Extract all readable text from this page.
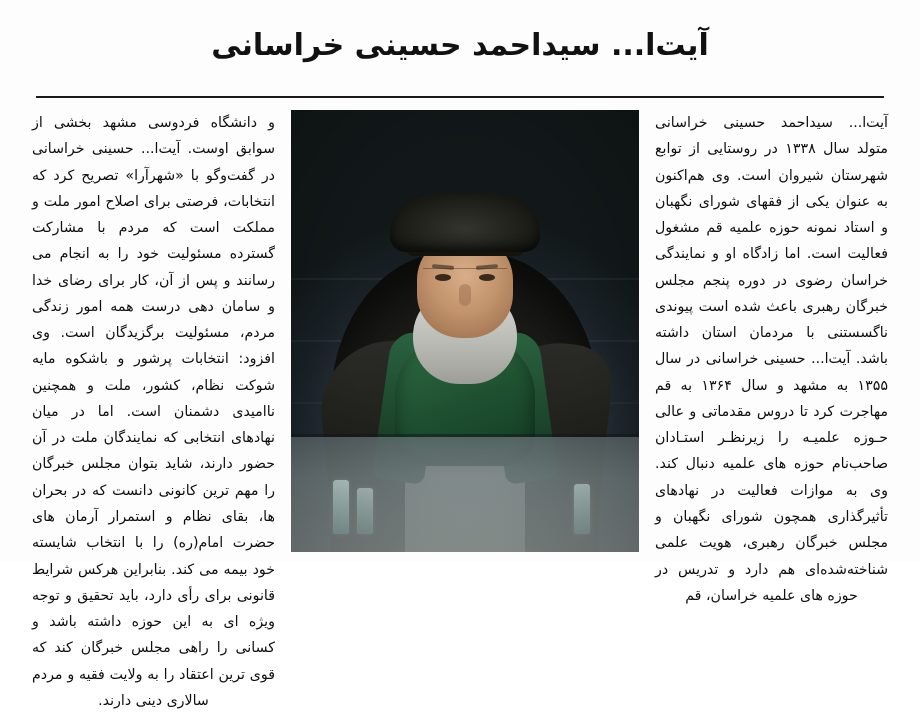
آیت‌ا... سیداحمد حسینی خراسانی

آیت‌ا... سیداحمد حسینی خراسانی متولد سال ۱۳۳۸ در روستایی از توابع شهرستان شیروان است. وی هم‌اکنون به عنوان یکی از فقهای شورای نگهبان و استاد نمونه حوزه علمیه قم مشغول فعالیت است. اما زادگاه او و نمایندگی خراسان رضوی در دوره پنجم مجلس خبرگان رهبری باعث شده است پیوندی ناگسستنی با مردمان استان داشته باشد. آیت‌ا... حسینی خراسانی در سال ۱۳۵۵ به مشهد و سال ۱۳۶۴ به قم مهاجرت کرد تا دروس مقدماتی و عالی حـوزه علمیـه را زیرنظـر استـادان صاحب‌نام حوزه های علمیه دنبال کند. وی به موازات فعالیت در نهادهای تأثیرگذاری همچون شورای نگهبان و مجلس خبرگان رهبری، هویت علمی شناخته‌شده‌ای هم دارد و تدریس در حوزه های علمیه خراسان، قم

و دانشگاه فردوسی مشهد بخشی از سوابق اوست. آیت‌ا... حسینی خراسانی در گفت‌وگو با «شهرآرا» تصریح کرد که انتخابات، فرصتی برای اصلاح امور ملت و مملکت است که مردم با مشارکت گسترده مسئولیت خود را به انجام می رسانند و پس از آن، کار برای رضای خدا و سامان دهی درست همه امور زندگی مردم، مسئولیت برگزیدگان است. وی افزود: انتخابات پرشور و باشکوه مایه شوکت نظام، کشور، ملت و همچنین ناامیدی دشمنان است. اما در میان نهادهای انتخابی که نمایندگان ملت در آن حضور دارند، شاید بتوان مجلس خبرگان را مهم ترین کانونی دانست که در بحران ها، بقای نظام و استمرار آرمان های حضرت امام(ره) را با انتخاب شایسته خود بیمه می کند. بنابراین هرکس شرایط قانونی برای رأی دارد، باید تحقیق و توجه ویژه ای به این حوزه داشته باشد و کسانی را راهی مجلس خبرگان کند که قوی ترین اعتقاد را به ولایت فقیه و مردم سالاری دینی دارند.
